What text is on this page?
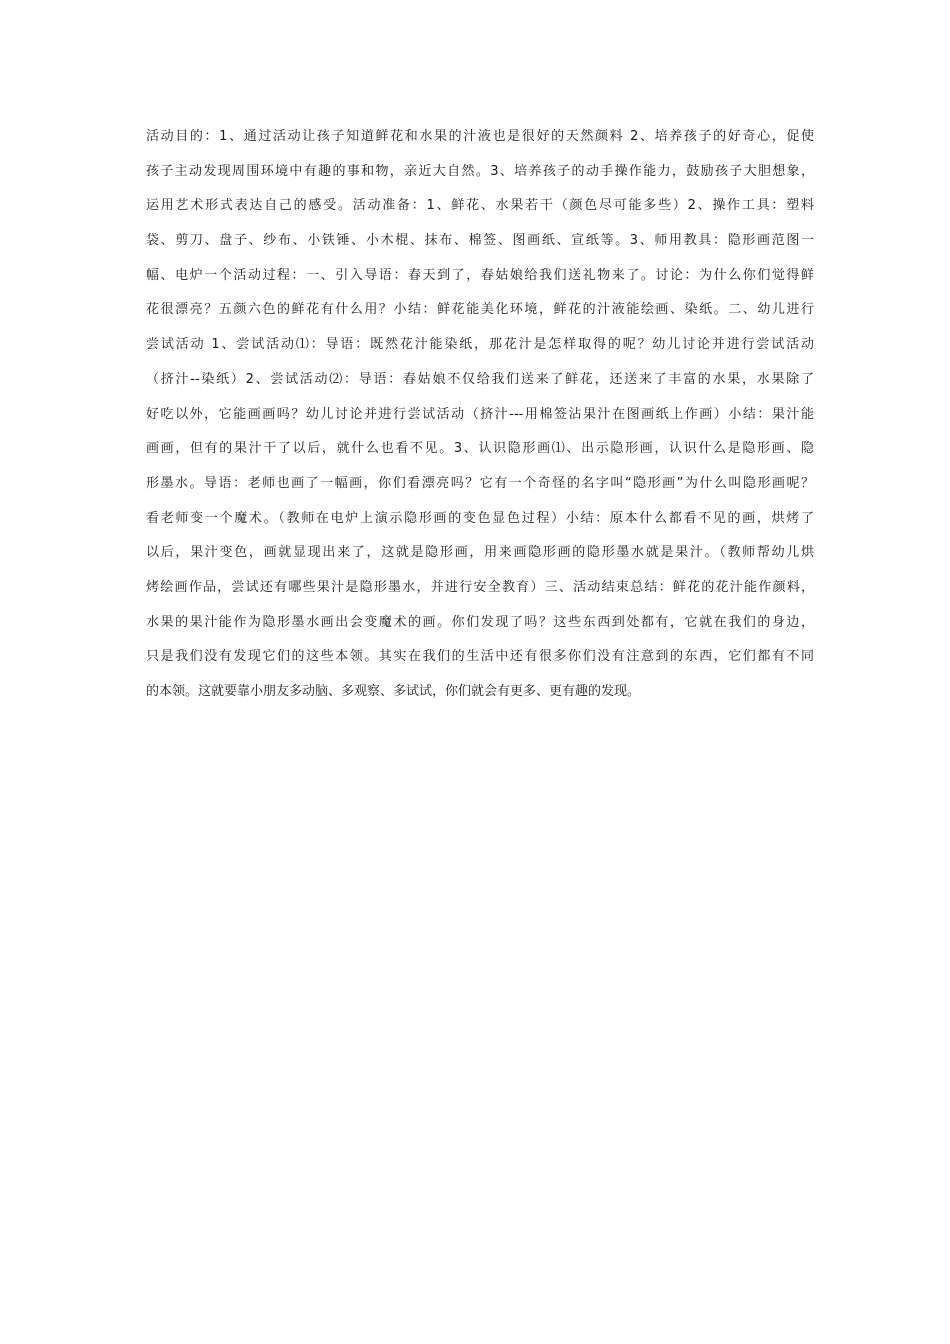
活动目的：1、通过活动让孩子知道鲜花和水果的汁液也是很好的天然颜料 2、培养孩子的好奇心，促使
孩子主动发现周围环境中有趣的事和物，亲近大自然。3、培养孩子的动手操作能力，鼓励孩子大胆想象，
运用艺术形式表达自己的感受。活动准备：1、鲜花、水果若干（颜色尽可能多些）2、操作工具：塑料
袋、剪刀、盘子、纱布、小铁锤、小木棍、抹布、棉签、图画纸、宣纸等。3、师用教具：隐形画范图一
幅、电炉一个活动过程：一、引入导语：春天到了，春姑娘给我们送礼物来了。讨论：为什么你们觉得鲜
花很漂亮？五颜六色的鲜花有什么用？小结：鲜花能美化环境，鲜花的汁液能绘画、染纸。二、幼儿进行
尝试活动 1、尝试活动⑴：导语：既然花汁能染纸，那花汁是怎样取得的呢？幼儿讨论并进行尝试活动
（挤汁--染纸）2、尝试活动⑵：导语：春姑娘不仅给我们送来了鲜花，还送来了丰富的水果，水果除了
好吃以外，它能画画吗？幼儿讨论并进行尝试活动（挤汁---用棉签沾果汁在图画纸上作画）小结：果汁能
画画，但有的果汁干了以后，就什么也看不见。3、认识隐形画⑴、出示隐形画，认识什么是隐形画、隐
形墨水。导语：老师也画了一幅画，你们看漂亮吗？它有一个奇怪的名字叫“隐形画”为什么叫隐形画呢？
看老师变一个魔术。（教师在电炉上演示隐形画的变色显色过程）小结：原本什么都看不见的画，烘烤了
以后，果汁变色，画就显现出来了，这就是隐形画，用来画隐形画的隐形墨水就是果汁。（教师帮幼儿烘
烤绘画作品，尝试还有哪些果汁是隐形墨水，并进行安全教育）三、活动结束总结：鲜花的花汁能作颜料，
水果的果汁能作为隐形墨水画出会变魔术的画。你们发现了吗？这些东西到处都有，它就在我们的身边，
只是我们没有发现它们的这些本领。其实在我们的生活中还有很多你们没有注意到的东西，它们都有不同
的本领。这就要靠小朋友多动脑、多观察、多试试，你们就会有更多、更有趣的发现。
